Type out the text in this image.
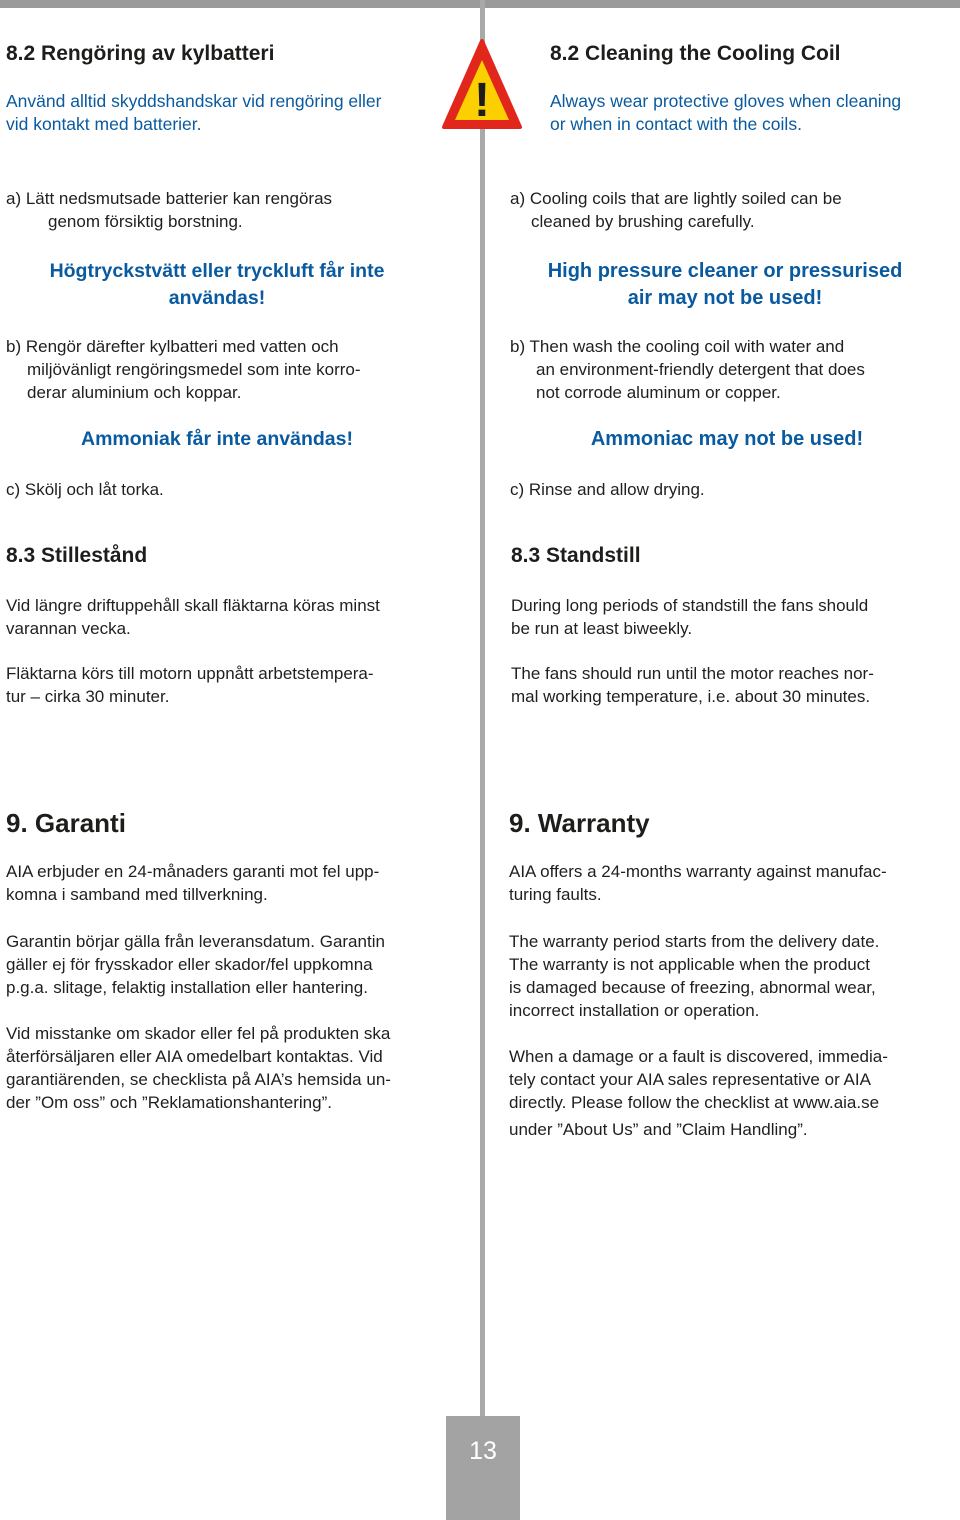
!

8.2 Rengöring av kylbatteri

Använd alltid skyddshandskar vid rengöring eller
vid kontakt med batterier.
a) Lätt nedsmutsade batterier kan rengöras
genom försiktig borstning.
Högtryckstvätt eller tryckluft får inte
användas!
b) Rengör därefter kylbatteri med vatten och
miljövänligt rengöringsmedel som inte korro-
derar aluminium och koppar.

Ammoniak får inte användas!

c) Skölj och låt torka.

8.3 Stillestånd

Vid längre driftuppehåll skall fläktarna köras minst
varannan vecka.
Fläktarna körs till motorn uppnått arbetstempera-
tur – cirka 30 minuter.

9. Garanti

AIA erbjuder en 24-månaders garanti mot fel upp-
komna i samband med tillverkning.
Garantin börjar gälla från leveransdatum. Garantin
gäller ej för frysskador eller skador/fel uppkomna
p.g.a. slitage, felaktig installation eller hantering.
Vid misstanke om skador eller fel på produkten ska
återförsäljaren eller AIA omedelbart kontaktas. Vid
garantiärenden, se checklista på AIA’s hemsida un-
der ”Om oss” och ”Reklamationshantering”.

8.2 Cleaning the Cooling Coil

Always wear protective gloves when cleaning
or when in contact with the coils.
a) Cooling coils that are lightly soiled can be
cleaned by brushing carefully.
High pressure cleaner or pressurised
air may not be used!
b) Then wash the cooling coil with water and
an environment-friendly detergent that does
not corrode aluminum or copper.

Ammoniac may not be used!

c) Rinse and allow drying.

8.3 Standstill

During long periods of standstill the fans should
be run at least biweekly.
The fans should run until the motor reaches nor-
mal working temperature, i.e. about 30 minutes.

9. Warranty

AIA offers a 24-months warranty against manufac-
turing faults.
The warranty period starts from the delivery date.
The warranty is not applicable when the product
is damaged because of freezing, abnormal wear,
incorrect installation or operation.
When a damage or a fault is discovered, immedia-
tely contact your AIA sales representative or AIA
directly. Please follow the checklist at www.aia.se
under ”About Us” and ”Claim Handling”.
13
